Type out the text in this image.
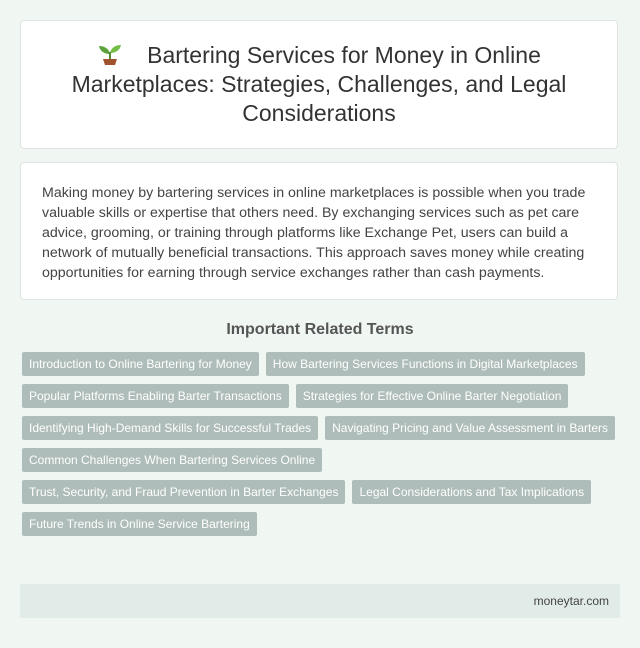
Bartering Services for Money in Online Marketplaces: Strategies, Challenges, and Legal Considerations

Making money by bartering services in online marketplaces is possible when you trade valuable skills or expertise that others need. By exchanging services such as pet care advice, grooming, or training through platforms like Exchange Pet, users can build a network of mutually beneficial transactions. This approach saves money while creating opportunities for earning through service exchanges rather than cash payments.

Important Related Terms
Introduction to Online Bartering for Money	How Bartering Services Functions in Digital Marketplaces
Popular Platforms Enabling Barter Transactions	Strategies for Effective Online Barter Negotiation
Identifying High-Demand Skills for Successful Trades	Navigating Pricing and Value Assessment in Barters
Common Challenges When Bartering Services Online
Trust, Security, and Fraud Prevention in Barter Exchanges	Legal Considerations and Tax Implications
Future Trends in Online Service Bartering
moneytar.com
